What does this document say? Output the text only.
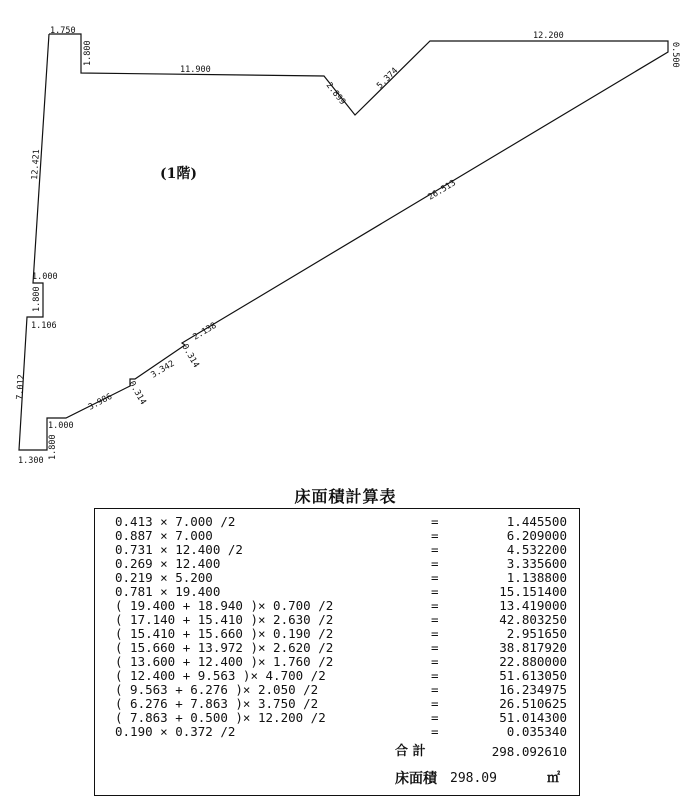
(1階)
1.750
1.800
11.900
2.899
5.374
12.200
0.500
26.513
12.421
1.000
1.800
1.106
7.012
2.138
0.314
3.342
0.314
3.986
1.000
1.800
1.300
床面積計算表
0.413 × 7.000 /2	=	1.445500
0.887 × 7.000	=	6.209000
0.731 × 12.400 /2	=	4.532200
0.269 × 12.400	=	3.335600
0.219 × 5.200	=	1.138800
0.781 × 19.400	=	15.151400
( 19.400 + 18.940 )× 0.700 /2	=	13.419000
( 17.140 + 15.410 )× 2.630 /2	=	42.803250
( 15.410 + 15.660 )× 0.190 /2	=	2.951650
( 15.660 + 13.972 )× 2.620 /2	=	38.817920
( 13.600 + 12.400 )× 1.760 /2	=	22.880000
( 12.400 + 9.563 )× 4.700 /2	=	51.613050
( 9.563 + 6.276 )× 2.050 /2	=	16.234975
( 6.276 + 7.863 )× 3.750 /2	=	26.510625
( 7.863 + 0.500 )× 12.200 /2	=	51.014300
0.190 × 0.372 /2	=	0.035340
合 計	298.092610
床面積 298.09	㎡
